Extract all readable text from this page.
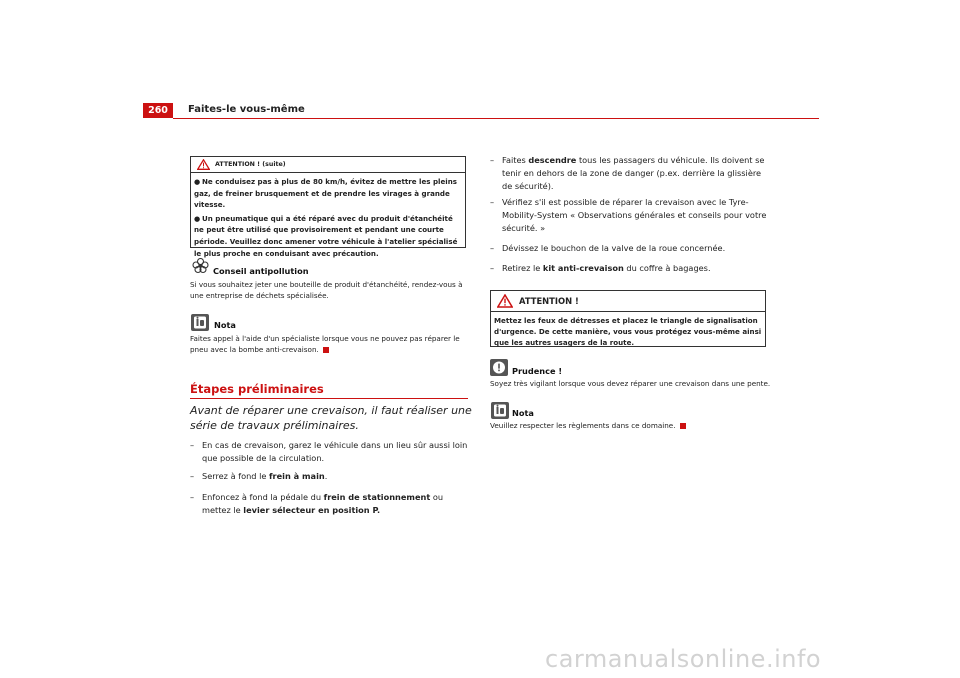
260	Faites-le vous-même
ATTENTION ! (suite)

● Ne conduisez pas à plus de 80 km/h, évitez de mettre les pleins gaz, de freiner brusquement et de prendre les virages à grande vitesse.

● Un pneumatique qui a été réparé avec du produit d'étanchéité ne peut être utilisé que provisoirement et pendant une courte période. Veuillez donc amener votre véhicule à l'atelier spécialisé le plus proche en conduisant avec précaution.

Conseil antipollution
Si vous souhaitez jeter une bouteille de produit d'étanchéité, rendez-vous à une entreprise de déchets spécialisée.
Nota
Faites appel à l'aide d'un spécialiste lorsque vous ne pouvez pas réparer le pneu avec la bombe anti-crevaison.
Étapes préliminaires
Avant de réparer une crevaison, il faut réaliser une série de travaux préliminaires.
– En cas de crevaison, garez le véhicule dans un lieu sûr aussi loin que possible de la circulation.
– Serrez à fond le frein à main.
– Enfoncez à fond la pédale du frein de stationnement ou mettez le levier sélecteur en position P.
– Faites descendre tous les passagers du véhicule. Ils doivent se tenir en dehors de la zone de danger (p.ex. derrière la glissière de sécurité).
– Vérifiez s'il est possible de réparer la crevaison avec le Tyre-Mobility-System « Observations générales et conseils pour votre sécurité. »
– Dévissez le bouchon de la valve de la roue concernée.
– Retirez le kit anti-crevaison du coffre à bagages.
ATTENTION !
Mettez les feux de détresses et placez le triangle de signalisation d'urgence. De cette manière, vous vous protégez vous-même ainsi que les autres usagers de la route.
Prudence !
Soyez très vigilant lorsque vous devez réparer une crevaison dans une pente.
Nota
Veuillez respecter les règlements dans ce domaine.
carmanualsonline.info
